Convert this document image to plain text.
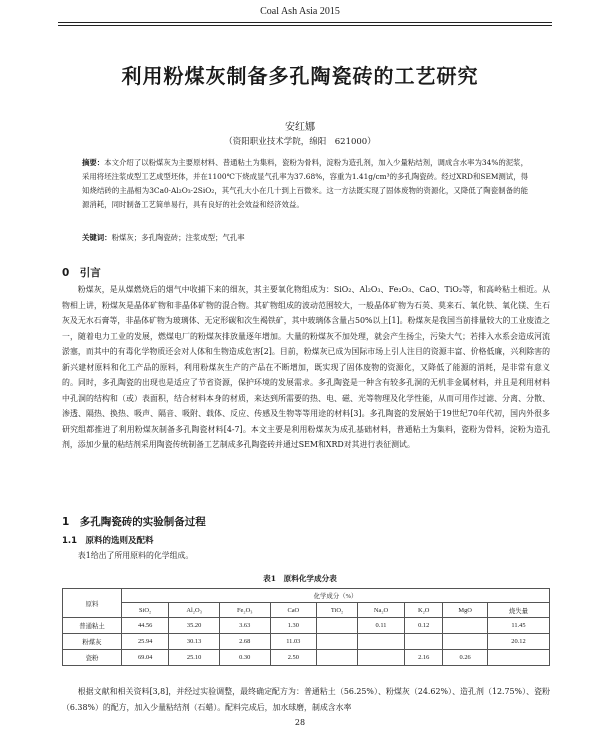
Coal Ash Asia 2015
利用粉煤灰制备多孔陶瓷砖的工艺研究
安红娜
（资阳职业技术学院，绵阳　621000）
摘要：本文介绍了以粉煤灰为主要原材料、普通粘土为集料，瓷粉为骨料，淀粉为造孔剂，加入少量粘结剂，调成含水率为34%的泥浆，采用将坯注浆成型工艺成型坯体，并在1100℃下烧成显气孔率为37.68%，容重为1.41g/cm³的多孔陶瓷砖。经过XRD和SEM测试，得知烧结砖的主晶相为3Ca0·Al₂O₃·2SiO₂，其气孔大小在几十到上百微米。这一方法既实现了固体废物的资源化，又降低了陶瓷制备的能源消耗，同时制备工艺简单易行，具有良好的社会效益和经济效益。
关键词：粉煤灰；多孔陶瓷砖；注浆成型；气孔率
0　引言
粉煤灰，是从煤燃烧后的烟气中收捕下来的细灰，其主要氧化物组成为：SiO₂、Al₂O₃、Fe₂O₃、CaO、TiO₂等，和高岭粘土相近。从物相上讲，粉煤灰是晶体矿物和非晶体矿物的混合物。其矿物组成的波动范围较大，一般晶体矿物为石英、莫来石、氧化铁、氧化镁、生石灰及无水石膏等，非晶体矿物为玻璃体、无定形碳和次生褐铁矿，其中玻璃体含量占50%以上[1]。粉煤灰是我国当前排量较大的工业废渣之一，随着电力工业的发展，燃煤电厂的粉煤灰排放量逐年增加。大量的粉煤灰不加处理，就会产生扬尘，污染大气；若排入水系会造成河流淤塞，而其中的有毒化学物质还会对人体和生物造成危害[2]。目前，粉煤灰已成为国际市场上引人注目的资源丰富、价格低廉，兴利除害的新兴建材原料和化工产品的原料，利用粉煤灰生产的产品在不断增加，既实现了固体废物的资源化，又降低了能源的消耗，是非常有意义的。同时，多孔陶瓷的出现也是适应了节省资源，保护环境的发展需求。多孔陶瓷是一种含有较多孔洞的无机非金属材料，并且是利用材料中孔洞的结构和（或）表面积，结合材料本身的材质，来达到所需要的热、电、磁、光等物理及化学性能，从而可用作过滤、分离、分散、渗透、隔热、换热、吸声、隔音、吸附、载体、反应、传感及生物等等用途的材料[3]。多孔陶瓷的发展始于19世纪70年代初，国内外很多研究组都推进了利用粉煤灰制备多孔陶瓷材料[4-7]。本文主要是利用粉煤灰为成孔基础材料，普通粘土为集料，瓷粉为骨料，淀粉为造孔剂，添加少量的粘结剂采用陶瓷传统制备工艺制成多孔陶瓷砖并通过SEM和XRD对其进行表征测试。
1　多孔陶瓷砖的实验制备过程
1.1　原料的选则及配料
表1给出了所用原料的化学组成。
表1　原料化学成分表
原料	化学成分（%）								
	SiO₂	Al₂O₃	Fe₂O₃	CaO	TiO₂	Na₂O	K₂O	MgO	烧失量
普通粘土	44.56	35.20	3.63	1.30		0.11	0.12		11.45
粉煤灰	25.94	30.13	2.68	11.03					20.12
瓷粉	69.04	25.10	0.30	2.50			2.16	0.26	
根据文献和相关资料[3,8]，并经过实验调整，最终确定配方为：普通粘土（56.25%）、粉煤灰（24.62%）、造孔剂（12.75%）、瓷粉（6.38%）的配方，加入少量粘结剂（石蜡）。配料完成后，加水球磨，制成含水率
28
